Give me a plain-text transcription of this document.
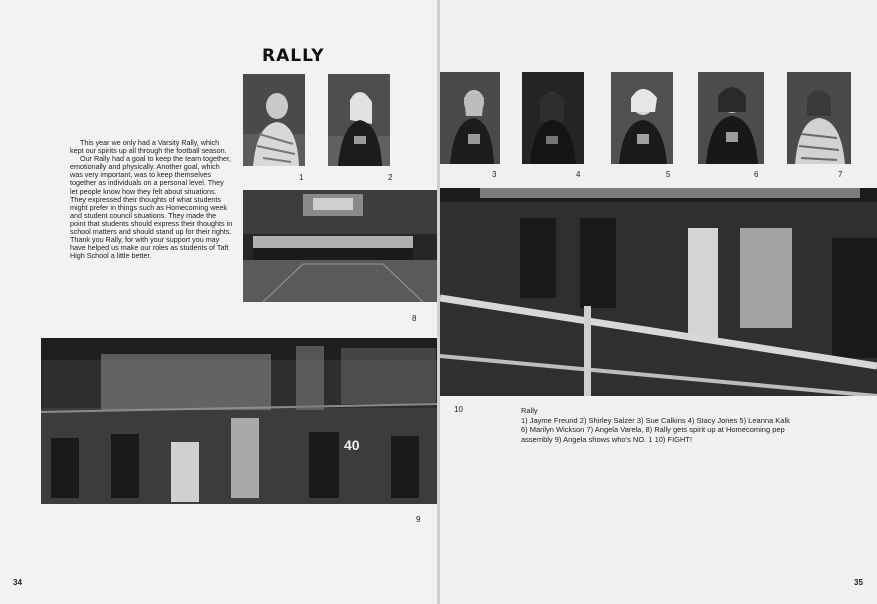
RALLY
1	2

This year we only had a Varsity Rally, which kept our spirits up all through the football season.

Our Rally had a goal to keep the team together, emotionally and physically. Another goal, which was very important, was to keep themselves together as individuals on a personal level. They let people know how they felt about situations. They expressed their thoughts of what students might prefer in things such as Homecoming week and student council situations. They made the point that students should express their thoughts in school matters and should stand up for their rights. Thank you Rally, for with your support you may have helped us make our roles as students of Taft High School a little better.

8
40
9
34
3	4	5	6	7
10	Rally
1) Jayme Freund 2) Shirley Salzer 3) Sue Calkins 4) Stacy Jones 5) Leanna Kalk 6) Marilyn Wickson 7) Angela Varela, 8) Rally gets spirit up at Homecoming pep assembly 9) Angela shows who's NO. 1 10) FIGHT!
35
